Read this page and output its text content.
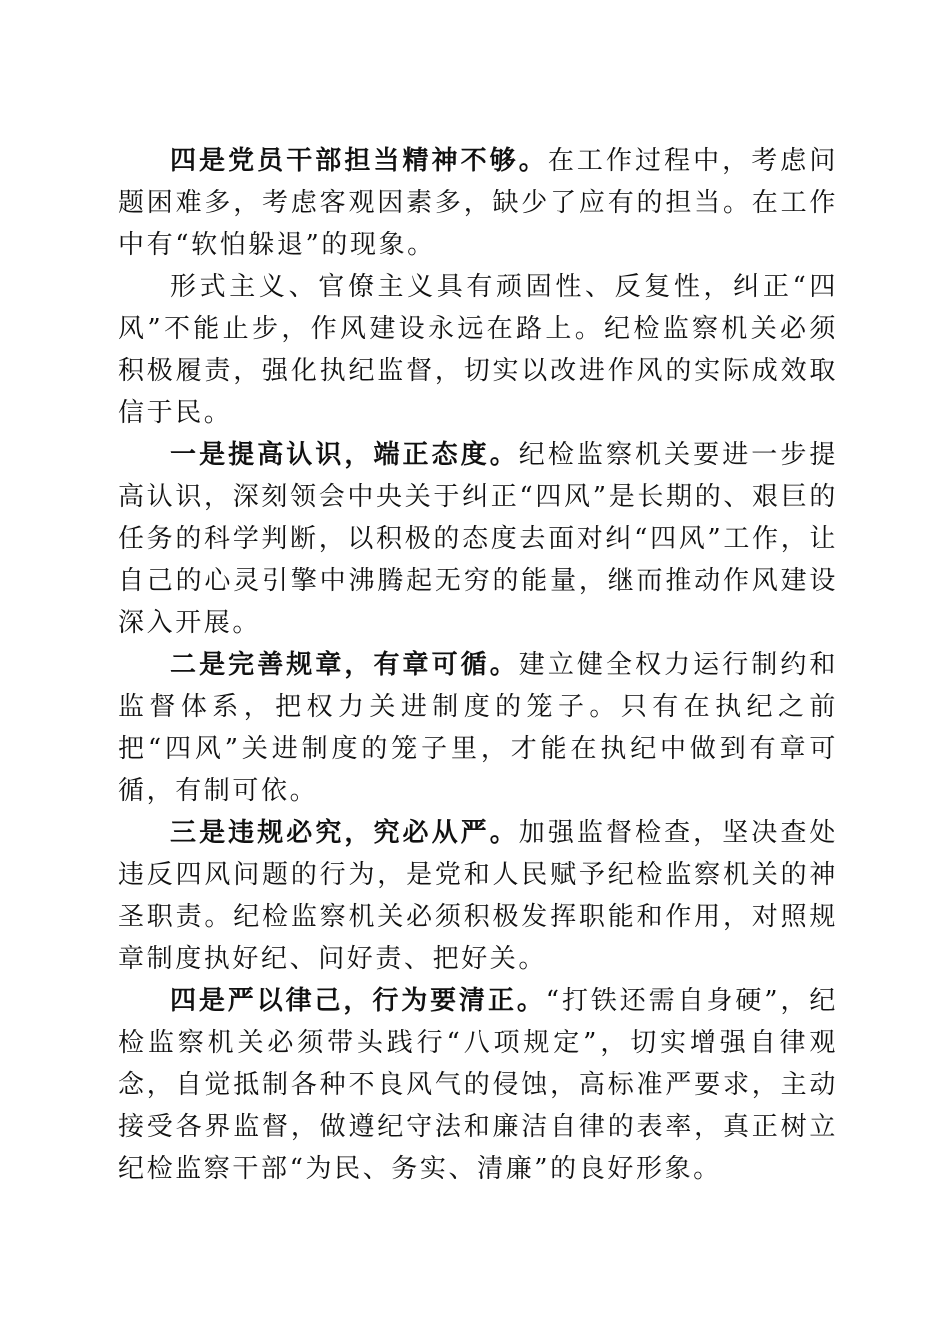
四是党员干部担当精神不够。在工作过程中，考虑问题困难多，考虑客观因素多，缺少了应有的担当。在工作中有“软怕躲退”的现象。

形式主义、官僚主义具有顽固性、反复性，纠正“四风”不能止步，作风建设永远在路上。纪检监察机关必须积极履责，强化执纪监督，切实以改进作风的实际成效取信于民。

一是提高认识，端正态度。纪检监察机关要进一步提高认识，深刻领会中央关于纠正“四风”是长期的、艰巨的任务的科学判断，以积极的态度去面对纠“四风”工作，让自己的心灵引擎中沸腾起无穷的能量，继而推动作风建设深入开展。

二是完善规章，有章可循。建立健全权力运行制约和监督体系，把权力关进制度的笼子。只有在执纪之前把“四风”关进制度的笼子里，才能在执纪中做到有章可循，有制可依。

三是违规必究，究必从严。加强监督检查，坚决查处违反四风问题的行为，是党和人民赋予纪检监察机关的神圣职责。纪检监察机关必须积极发挥职能和作用，对照规章制度执好纪、问好责、把好关。

四是严以律己，行为要清正。“打铁还需自身硬”，纪检监察机关必须带头践行“八项规定”，切实增强自律观念，自觉抵制各种不良风气的侵蚀，高标准严要求，主动接受各界监督，做遵纪守法和廉洁自律的表率，真正树立纪检监察干部“为民、务实、清廉”的良好形象。
